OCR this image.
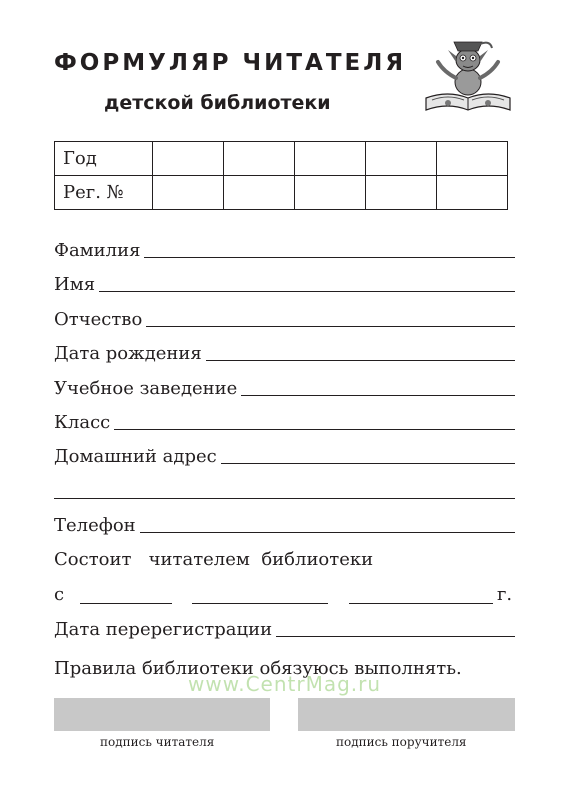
ФОРМУЛЯР ЧИТАТЕЛЯ
детской библиотеки
Год					
Рег. №					
Фамилия
Имя
Отчество
Дата рождения
Учебное заведение
Класс
Домашний адрес
Телефон
Состоит   читателем  библиотеки
с	г.
Дата перерегистрации
Правила библиотеки обязуюсь выполнять.
www.CentrMag.ru
подпись читателя	подпись поручителя
